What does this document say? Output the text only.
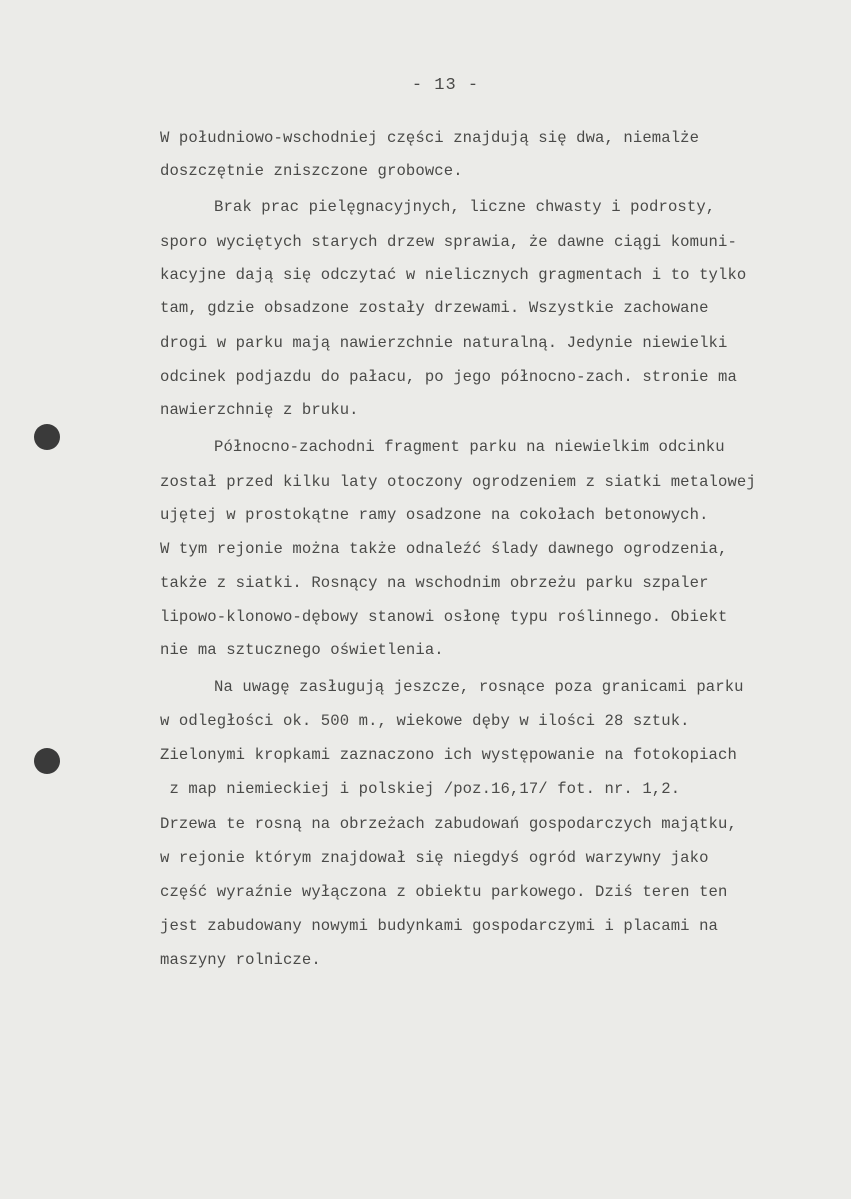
- 13 -
W południowo-wschodniej części znajdują się dwa, niemalże
doszczętnie zniszczone grobowce.
Brak prac pielęgnacyjnych, liczne chwasty i podrosty,
sporo wyciętych starych drzew sprawia, że dawne ciągi komuni-
kacyjne dają się odczytać w nielicznych gragmentach i to tylko
tam, gdzie obsadzone zostały drzewami. Wszystkie zachowane
drogi w parku mają nawierzchnie naturalną. Jedynie niewielki
odcinek podjazdu do pałacu, po jego północno-zach. stronie ma
nawierzchnię z bruku.
Północno-zachodni fragment parku na niewielkim odcinku
został przed kilku laty otoczony ogrodzeniem z siatki metalowej
ujętej w prostokątne ramy osadzone na cokołach betonowych.
W tym rejonie można także odnaleźć ślady dawnego ogrodzenia,
także z siatki. Rosnący na wschodnim obrzeżu parku szpaler
lipowo-klonowo-dębowy stanowi osłonę typu roślinnego. Obiekt
nie ma sztucznego oświetlenia.
Na uwagę zasługują jeszcze, rosnące poza granicami parku
w odległości ok. 500 m., wiekowe dęby w ilości 28 sztuk.
Zielonymi kropkami zaznaczono ich występowanie na fotokopiach
z map niemieckiej i polskiej /poz.16,17/ fot. nr. 1,2.
Drzewa te rosną na obrzeżach zabudowań gospodarczych majątku,
w rejonie którym znajdował się niegdyś ogród warzywny jako
część wyraźnie wyłączona z obiektu parkowego. Dziś teren ten
jest zabudowany nowymi budynkami gospodarczymi i placami na
maszyny rolnicze.
